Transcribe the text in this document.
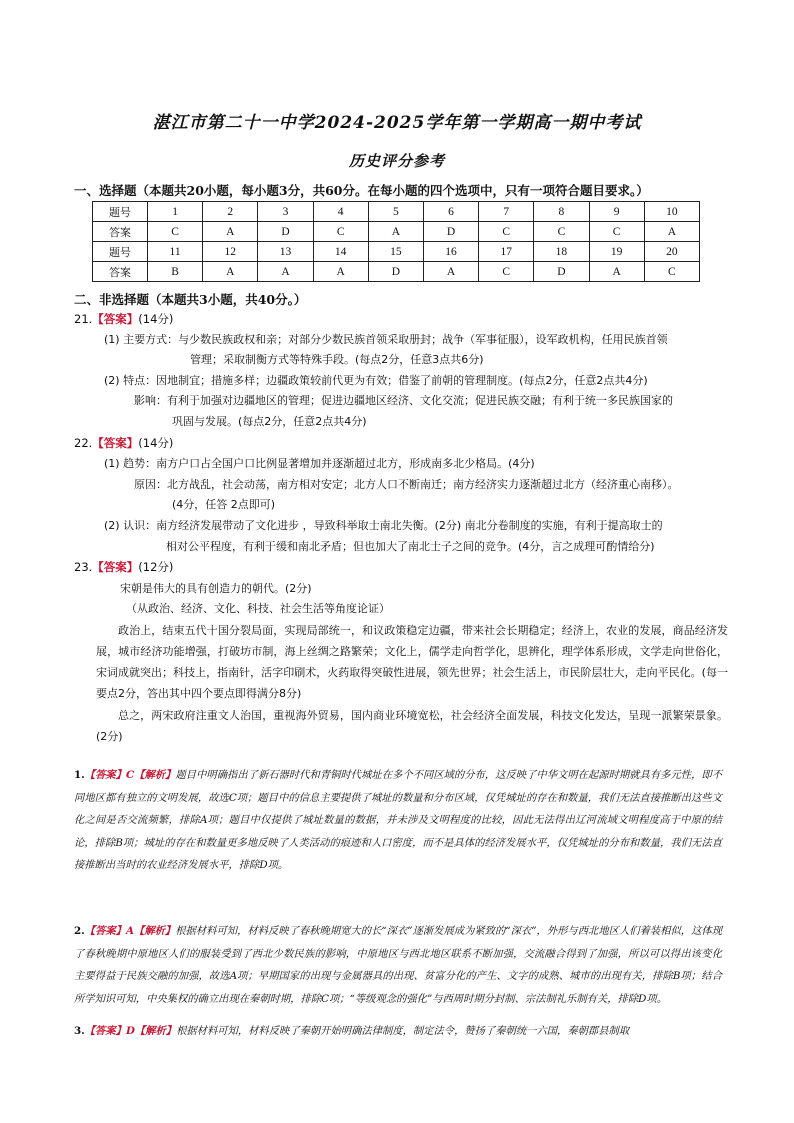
湛江市第二十一中学2024-2025学年第一学期高一期中考试
历史评分参考
一、选择题（本题共20小题，每小题3分，共60分。在每小题的四个选项中，只有一项符合题目要求。）
题号	1	2	3	4	5	6	7	8	9	10
答案	C	A	D	C	A	D	C	C	C	A
题号	11	12	13	14	15	16	17	18	19	20
答案	B	A	A	A	D	A	C	D	A	C
二、非选择题（本题共3小题，共40分。）
21.【答案】(14分)
(1) 主要方式：与少数民族政权和亲；对部分少数民族首领采取册封；战争（军事征服），设军政机构，任用民族首领
管理；采取制衡方式等特殊手段。(每点2分，任意3点共6分)
(2) 特点：因地制宜；措施多样；边疆政策较前代更为有效；借鉴了前朝的管理制度。(每点2分，任意2点共4分)
影响：有利于加强对边疆地区的管理；促进边疆地区经济、文化交流；促进民族交融；有利于统一多民族国家的
巩固与发展。(每点2分，任意2点共4分)
22.【答案】(14分)
(1) 趋势：南方户口占全国户口比例显著增加并逐渐超过北方，形成南多北少格局。(4分)
原因：北方战乱，社会动荡，南方相对安定；北方人口不断南迁；南方经济实力逐渐超过北方（经济重心南移）。
(4分，任答 2点即可)
(2) 认识：南方经济发展带动了文化进步 ，导致科举取士南北失衡。(2分) 南北分卷制度的实施，有利于提高取士的
相对公平程度，有利于缓和南北矛盾；但也加大了南北士子之间的竞争。(4分，言之成理可酌情给分)
23.【答案】(12分)
宋朝是伟大的具有创造力的朝代。(2分)
（从政治、经济、文化、科技、社会生活等角度论证）
政治上，结束五代十国分裂局面，实现局部统一，和议政策稳定边疆，带来社会长期稳定；经济上，农业的发展，商品经济发展，城市经济功能增强，打破坊市制，海上丝绸之路繁荣；文化上，儒学走向哲学化，思辨化，理学体系形成，文学走向世俗化，宋词成就突出；科技上，指南针，活字印刷术，火药取得突破性进展，领先世界；社会生活上，市民阶层壮大，走向平民化。(每一要点2分，答出其中四个要点即得满分8分)
总之，两宋政府注重文人治国，重视海外贸易，国内商业环境宽松，社会经济全面发展，科技文化发达，呈现一派繁荣景象。(2分)
1.【答案】C【解析】题目中明确指出了新石器时代和青铜时代城址在多个不同区域的分布，这反映了中华文明在起源时期就具有多元性，即不同地区都有独立的文明发展，故选C项；题目中的信息主要提供了城址的数量和分布区域，仅凭城址的存在和数量，我们无法直接推断出这些文化之间是否交流频繁，排除A项；题目中仅提供了城址数量的数据，并未涉及文明程度的比较，因此无法得出辽河流域文明程度高于中原的结论，排除B项；城址的存在和数量更多地反映了人类活动的痕迹和人口密度，而不是具体的经济发展水平，仅凭城址的分布和数量，我们无法直接推断出当时的农业经济发展水平，排除D项。
2.【答案】A【解析】根据材料可知，材料反映了春秋晚期宽大的长“深衣”逐渐发展成为紧致的“深衣”，外形与西北地区人们着装相似，这体现了春秋晚期中原地区人们的服装受到了西北少数民族的影响，中原地区与西北地区联系不断加强，交流融合得到了加强，所以可以得出该变化主要得益于民族交融的加强，故选A项；早期国家的出现与金属器具的出现、贫富分化的产生、文字的成熟、城市的出现有关，排除B项；结合所学知识可知，中央集权的确立出现在秦朝时期，排除C项；“等级观念的强化”与西周时期分封制、宗法制礼乐制有关，排除D项。
3.【答案】D【解析】根据材料可知，材料反映了秦朝开始明确法律制度，制定法令，赞扬了秦朝统一六国，秦朝郡县制取
